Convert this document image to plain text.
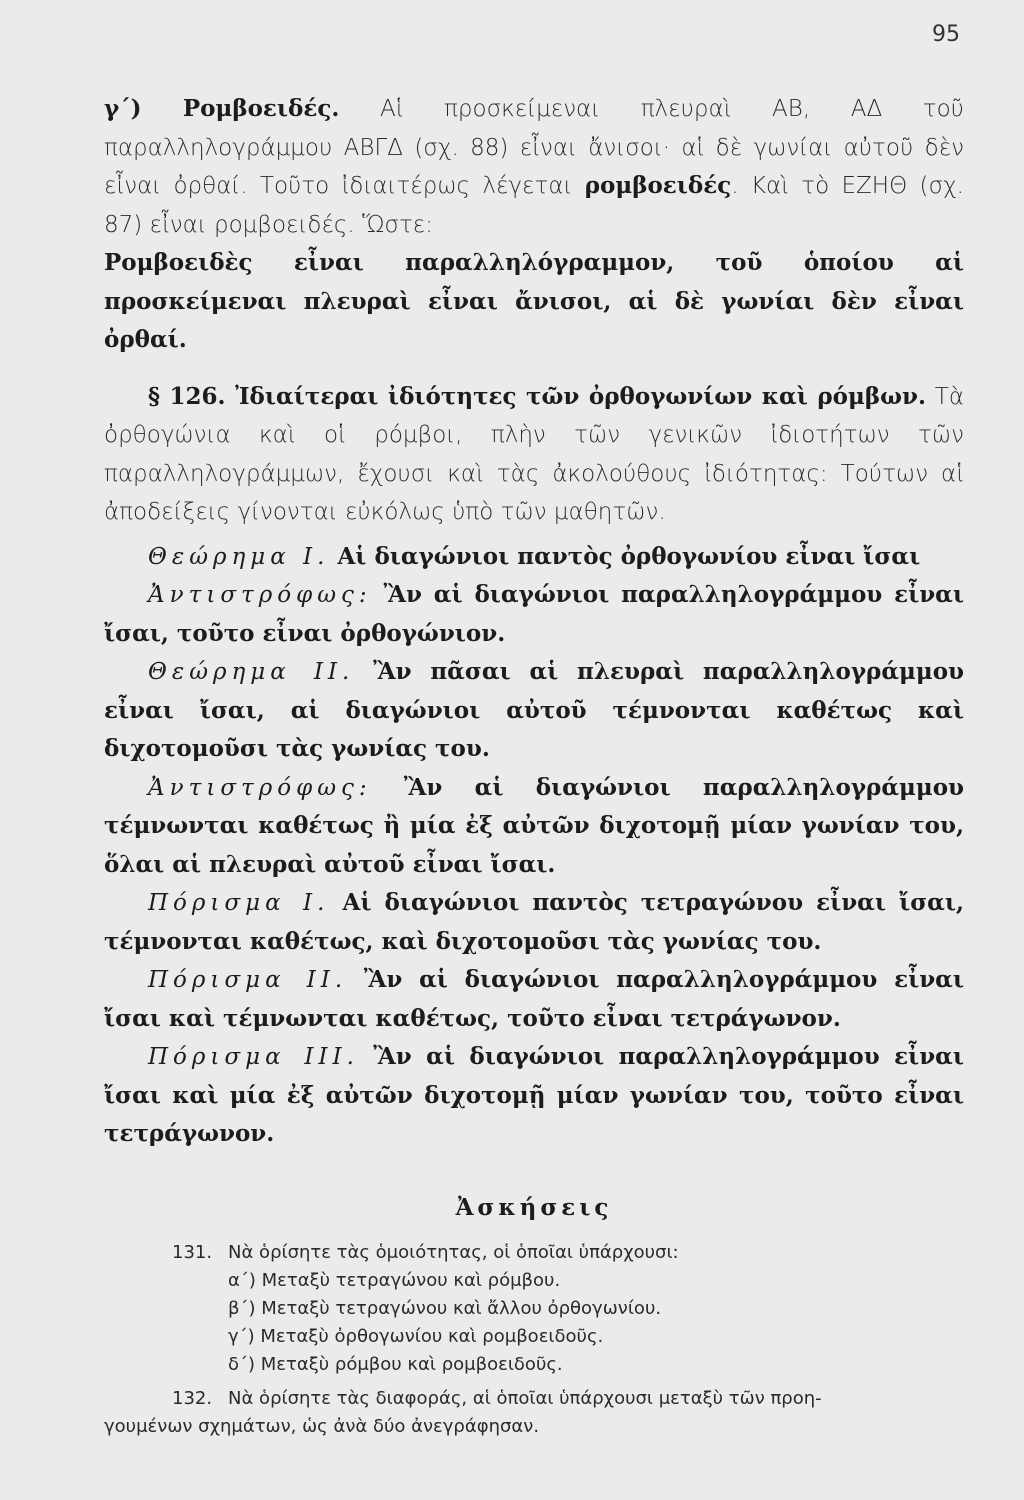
95

γ΄) Ρομβοειδές. Αἱ προσκείμεναι πλευραὶ ΑΒ, ΑΔ τοῦ παραλληλογράμμου ΑΒΓΔ (σχ. 88) εἶναι ἄνισοι· αἱ δὲ γωνίαι αὐτοῦ δὲν εἶναι ὀρθαί. Τοῦτο ἰδιαιτέρως λέγεται ρομβοειδές. Καὶ τὸ ΕΖΗΘ (σχ. 87) εἶναι ρομβοειδές. Ὥστε:

Ρομβοειδὲς εἶναι παραλληλόγραμμον, τοῦ ὁποίου αἱ προσκείμεναι πλευραὶ εἶναι ἄνισοι, αἱ δὲ γωνίαι δὲν εἶναι ὀρθαί.

§ 126. Ἰδιαίτεραι ἰδιότητες τῶν ὀρθογωνίων καὶ ρόμβων. Τὰ ὀρθογώνια καὶ οἱ ρόμβοι, πλὴν τῶν γενικῶν ἰδιοτήτων τῶν παραλληλογράμμων, ἔχουσι καὶ τὰς ἀκολούθους ἰδιότητας: Τούτων αἱ ἀποδείξεις γίνονται εὐκόλως ὑπὸ τῶν μαθητῶν.

Θεώρημα Ι. Αἱ διαγώνιοι παντὸς ὀρθογωνίου εἶναι ἴσαι

Ἀντιστρόφως: Ἂν αἱ διαγώνιοι παραλληλογράμμου εἶναι ἴσαι, τοῦτο εἶναι ὀρθογώνιον.

Θεώρημα ΙΙ. Ἂν πᾶσαι αἱ πλευραὶ παραλληλογράμμου εἶναι ἴσαι, αἱ διαγώνιοι αὐτοῦ τέμνονται καθέτως καὶ διχοτομοῦσι τὰς γωνίας του.

Ἀντιστρόφως: Ἂν αἱ διαγώνιοι παραλληλογράμμου τέμνωνται καθέτως ἢ μία ἐξ αὐτῶν διχοτομῇ μίαν γωνίαν του, ὅλαι αἱ πλευραὶ αὐτοῦ εἶναι ἴσαι.

Πόρισμα Ι. Αἱ διαγώνιοι παντὸς τετραγώνου εἶναι ἴσαι, τέμνονται καθέτως, καὶ διχοτομοῦσι τὰς γωνίας του.

Πόρισμα ΙΙ. Ἂν αἱ διαγώνιοι παραλληλογράμμου εἶναι ἴσαι καὶ τέμνωνται καθέτως, τοῦτο εἶναι τετράγωνον.

Πόρισμα ΙΙΙ. Ἂν αἱ διαγώνιοι παραλληλογράμμου εἶναι ἴσαι καὶ μία ἐξ αὐτῶν διχοτομῇ μίαν γωνίαν του, τοῦτο εἶναι τετράγωνον.

Ἀσκήσεις
131. Νὰ ὁρίσητε τὰς ὁμοιότητας, οἱ ὁποῖαι ὑπάρχουσι:
α΄) Μεταξὺ τετραγώνου καὶ ρόμβου.
β΄) Μεταξὺ τετραγώνου καὶ ἄλλου ὀρθογωνίου.
γ΄) Μεταξὺ ὀρθογωνίου καὶ ρομβοειδοῦς.
δ΄) Μεταξὺ ρόμβου καὶ ρομβοειδοῦς.
132. Νὰ ὁρίσητε τὰς διαφοράς, αἱ ὁποῖαι ὑπάρχουσι μεταξὺ τῶν προη-
γουμένων σχημάτων, ὡς ἀνὰ δύο ἀνεγράφησαν.
